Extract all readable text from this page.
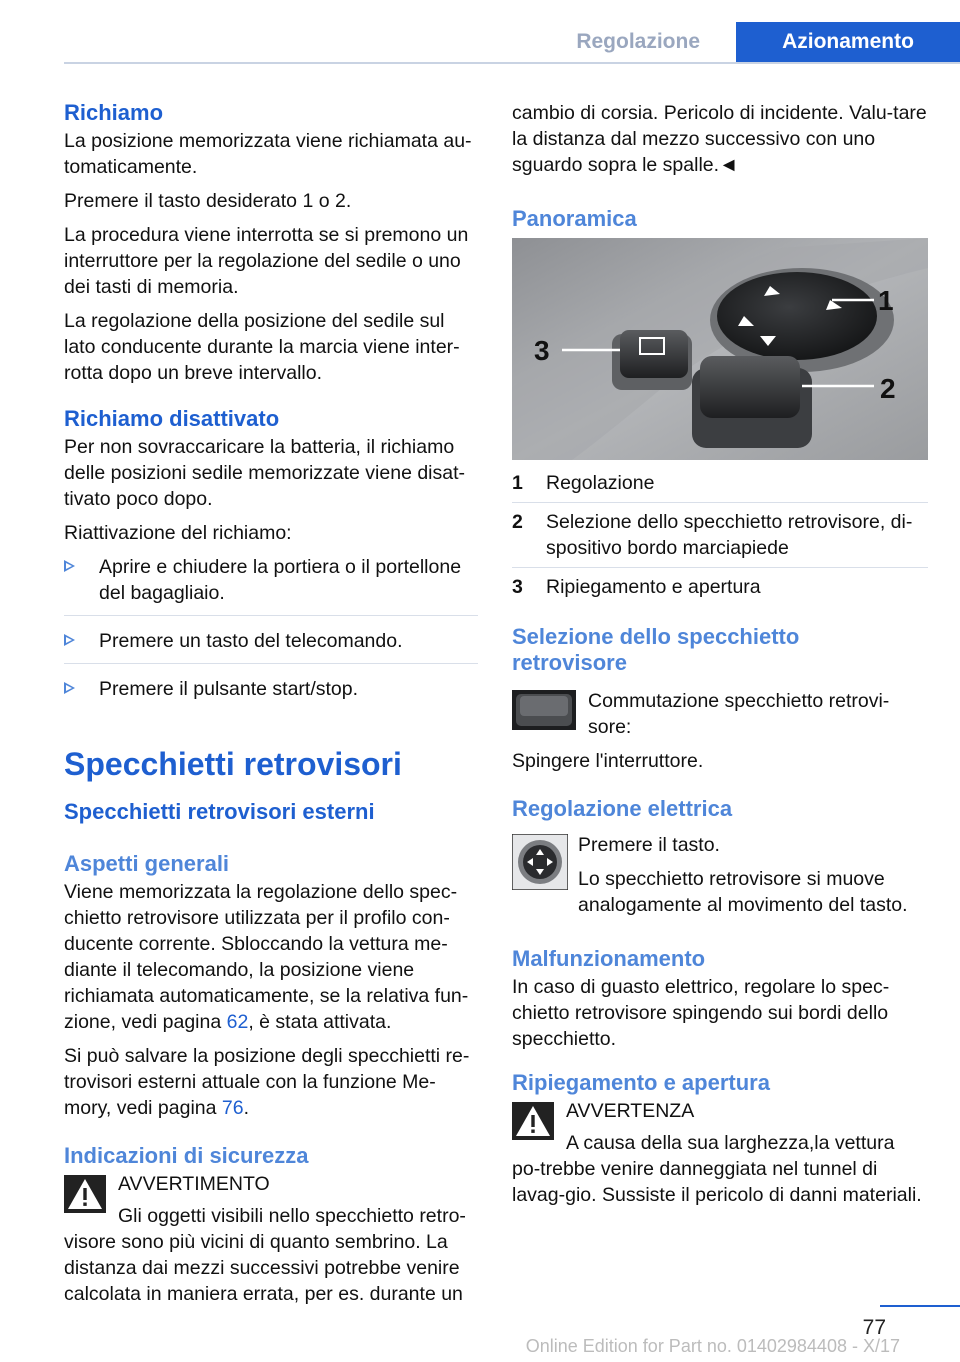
Regolazione	Azionamento
Richiamo

La posizione memorizzata viene richiamata au-tomaticamente.

Premere il tasto desiderato 1 o 2.

La procedura viene interrotta se si premono un interruttore per la regolazione del sedile o uno dei tasti di memoria.

La regolazione della posizione del sedile sul lato conducente durante la marcia viene inter-rotta dopo un breve intervallo.

Richiamo disattivato

Per non sovraccaricare la batteria, il richiamo delle posizioni sedile memorizzate viene disat-tivato poco dopo.

Riattivazione del richiamo:

Aprire e chiudere la portiera o il portellone del bagagliaio.
Premere un tasto del telecomando.
Premere il pulsante start/stop.
Specchietti retrovisori
Specchietti retrovisori esterni
Aspetti generali

Viene memorizzata la regolazione dello spec-chietto retrovisore utilizzata per il profilo con-ducente corrente. Sbloccando la vettura me-diante il telecomando, la posizione viene richiamata automaticamente, se la relativa fun-zione, vedi pagina 62, è stata attivata.

Si può salvare la posizione degli specchietti re-trovisori esterni attuale con la funzione Me-mory, vedi pagina 76.

Indicazioni di sicurezza

AVVERTIMENTO

Gli oggetti visibili nello specchietto retro-visore sono più vicini di quanto sembrino. La distanza dai mezzi successivi potrebbe venire calcolata in maniera errata, per es. durante un

cambio di corsia. Pericolo di incidente. Valu-tare la distanza dal mezzo successivo con uno sguardo sopra le spalle.◄

Panoramica
1
2
3
1 Regolazione
2 Selezione dello specchietto retrovisore, di-spositivo bordo marciapiede
3 Ripiegamento e apertura
Selezione dello specchietto retrovisore

Commutazione specchietto retrovi-sore:

Spingere l'interruttore.

Regolazione elettrica

Premere il tasto.

Lo specchietto retrovisore si muove analogamente al movimento del tasto.

Malfunzionamento

In caso di guasto elettrico, regolare lo spec-chietto retrovisore spingendo sui bordi dello specchietto.

Ripiegamento e apertura

AVVERTENZA

A causa della sua larghezza,la vettura po-trebbe venire danneggiata nel tunnel di lavag-gio. Sussiste il pericolo di danni materiali.

77
Online Edition for Part no. 01402984408 - X/17
